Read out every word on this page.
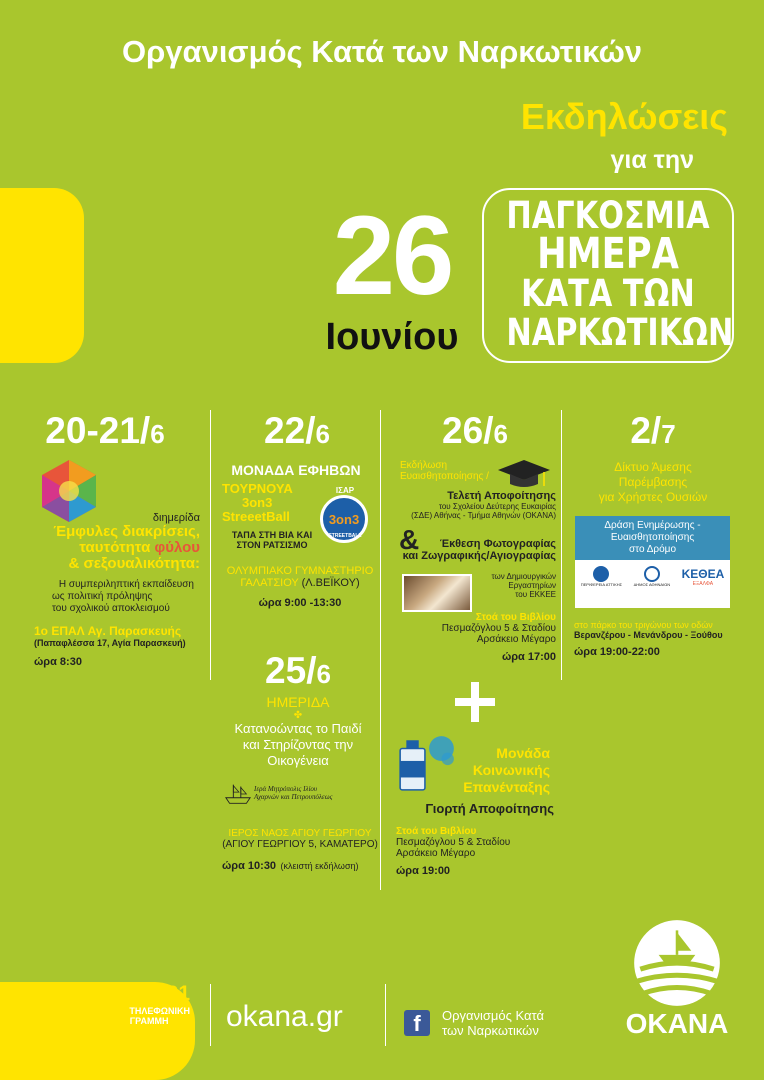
Οργανισμός Κατά των Ναρκωτικών
Εκδηλώσεις
για την
26
Ιουνίου
ΠΑΓΚΟΣΜΙΑ
ΗΜΕΡΑ
ΚΑΤΑ ΤΩΝ
ΝΑΡΚΩΤΙΚΩΝ
20-21/6
διημερίδα
Έμφυλες διακρίσεις,
ταυτότητα φύλου
& σεξουαλικότητα:
Η συμπεριληπτική εκπαίδευση
ως πολιτική πρόληψης
του σχολικού αποκλεισμού
1ο ΕΠΑΛ Αγ. Παρασκευής
(Παπαφλέσσα 17, Αγία Παρασκευή)
ώρα 8:30
22/6
ΜΟΝΑΔΑ ΕΦΗΒΩΝ
ΤΟΥΡΝΟΥΑ
3on3
StreeetBall
ΤΑΠΑ ΣΤΗ ΒΙΑ ΚΑΙ
ΣΤΟΝ ΡΑΤΣΙΣΜΟ
ΙΣΑΡ
3on3
STREETBALL
ΟΛΥΜΠΙΑΚΟ ΓΥΜΝΑΣΤΗΡΙΟ
ΓΑΛΑΤΣΙΟΥ (Λ.ΒΕΪΚΟΥ)
ώρα 9:00 -13:30
25/6
ΗΜΕΡΙΔΑ
✤
Κατανοώντας το Παιδί
και Στηρίζοντας την
Οικογένεια
Ιερά Μητρόπολις Ιλίου
Αχαρνών και Πετρουπόλεως
ΙΕΡΟΣ ΝΑΟΣ ΑΓΙΟΥ ΓΕΩΡΓΙΟΥ
(ΑΓΙΟΥ ΓΕΩΡΓΙΟΥ 5, ΚΑΜΑΤΕΡΟ)
ώρα 10:30 (κλειστή εκδήλωση)
26/6
Εκδήλωση
Ευαισθητοποίησης /
Τελετή Αποφοίτησης
του Σχολείου Δεύτερης Ευκαιρίας
(ΣΔΕ) Αθήνας - Τμήμα Αθηνών (ΟΚΑΝΑ)
&	Έκθεση Φωτογραφίας
και Ζωγραφικής/Αγιογραφίας
των Δημιουργικών
Εργαστηρίων
του ΕΚΚΕΕ
Στοά του Βιβλίου
Πεσμαζόγλου 5 & Σταδίου
Αρσάκειο Μέγαρο
ώρα 17:00
Μονάδα
Κοινωνικής
Επανένταξης
Γιορτή Αποφοίτησης
Στοά του Βιβλίου
Πεσμαζόγλου 5 & Σταδίου
Αρσάκειο Μέγαρο
ώρα 19:00
2/7
Δίκτυο Άμεσης
Παρέμβασης
για Χρήστες Ουσιών
Δράση Ενημέρωσης -
Ευαισθητοποίησης
στο Δρόμο
ΠΕΡΙΦΕΡΕΙΑ ΑΤΤΙΚΗΣ	ΔΗΜΟΣ ΑΘΗΝΑΙΩΝ
ΚΕΘΕΑ
ΕΞΑΛΦΑ
στο πάρκο του τριγώνου των οδών
Βερανζέρου - Μενάνδρου - Ξούθου
ώρα 19:00-22:00
1031
ΤΗΛΕΦΩΝΙΚΗ
ΓΡΑΜΜΗ SOS okana.gr	f	Οργανισμός Κατά
των Ναρκωτικών	ΟΚΑΝΑ
